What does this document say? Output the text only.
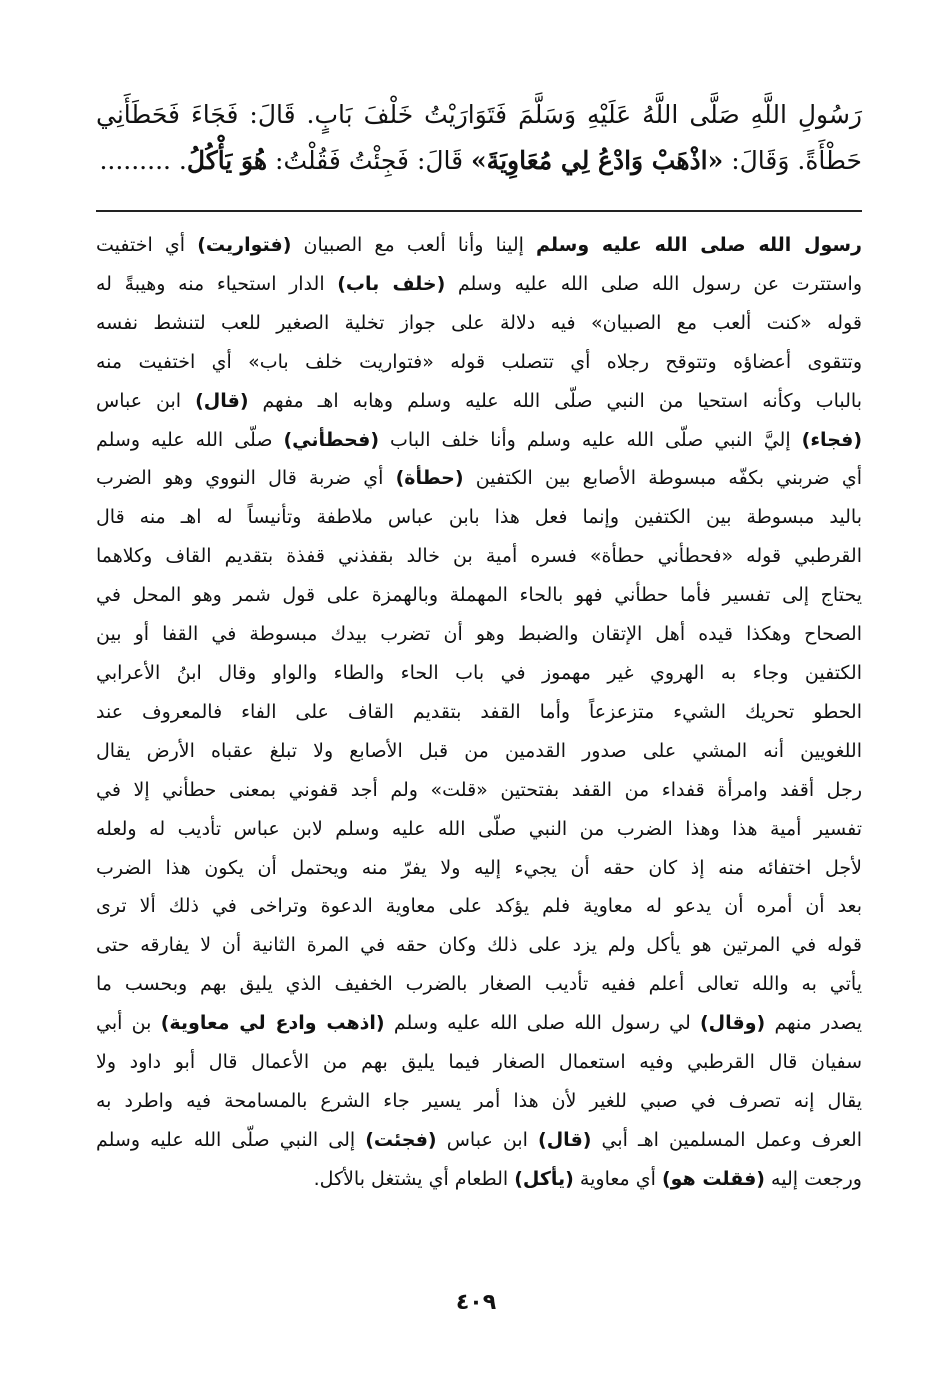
رَسُولِ اللَّهِ صَلَّى اللَّهُ عَلَيْهِ وَسَلَّمَ فَتَوَارَيْتُ خَلْفَ بَابٍ. قَالَ: فَجَاءَ فَحَطَأَنِي
حَطْأَةً. وَقَالَ: «اذْهَبْ وَادْعُ لِي مُعَاوِيَةَ» قَالَ: فَجِئْتُ فَقُلْتُ: هُوَ يَأْكُلُ. .........
رسول الله صلى الله عليه وسلم إلينا وأنا ألعب مع الصبيان (فتواريت) أي اختفيت
واستترت عن رسول الله صلى الله عليه وسلم (خلف باب) الدار استحياء منه وهيبةً له
قوله «كنت ألعب مع الصبيان» فيه دلالة على جواز تخلية الصغير للعب لتنشط نفسه
وتتقوى أعضاؤه وتتوقح رجلاه أي تتصلب قوله «فتواريت خلف باب» أي اختفيت منه
بالباب وكأنه استحيا من النبي صلّى الله عليه وسلم وهابه اهـ مفهم (قال) ابن عباس
(فجاء) إليَّ النبي صلّى الله عليه وسلم وأنا خلف الباب (فحطأني) صلّى الله عليه وسلم
أي ضربني بكفّه مبسوطة الأصابع بين الكتفين (حطأة) أي ضربة قال النووي وهو الضرب
باليد مبسوطة بين الكتفين وإنما فعل هذا بابن عباس ملاطفة وتأنيساً له اهـ منه قال
القرطبي قوله «فحطأني حطأة» فسره أمية بن خالد بقفذني قفذة بتقديم القاف وكلاهما
يحتاج إلى تفسير فأما حطأني فهو بالحاء المهملة وبالهمزة على قول شمر وهو المحل في
الصحاح وهكذا قيده أهل الإتقان والضبط وهو أن تضرب بيدك مبسوطة في القفا أو بين
الكتفين وجاء به الهروي غير مهموز في باب الحاء والطاء والواو وقال ابنُ الأعرابي
الحطو تحريك الشيء متزعزعاً وأما القفد بتقديم القاف على الفاء فالمعروف عند
اللغويين أنه المشي على صدور القدمين من قبل الأصابع ولا تبلغ عقباه الأرض يقال
رجل أقفد وامرأة قفداء من القفد بفتحتين «قلت» ولم أجد قفوني بمعنى حطأني إلا في
تفسير أمية هذا وهذا الضرب من النبي صلّى الله عليه وسلم لابن عباس تأديب له ولعله
لأجل اختفائه منه إذ كان حقه أن يجيء إليه ولا يفرّ منه ويحتمل أن يكون هذا الضرب
بعد أن أمره أن يدعو له معاوية فلم يؤكد على معاوية الدعوة وتراخى في ذلك ألا ترى
قوله في المرتين هو يأكل ولم يزد على ذلك وكان حقه في المرة الثانية أن لا يفارقه حتى
يأتي به والله تعالى أعلم ففيه تأديب الصغار بالضرب الخفيف الذي يليق بهم وبحسب ما
يصدر منهم (وقال) لي رسول الله صلى الله عليه وسلم (اذهب وادع لي معاوية) بن أبي
سفيان قال القرطبي وفيه استعمال الصغار فيما يليق بهم من الأعمال قال أبو داود ولا
يقال إنه تصرف في صبي للغير لأن هذا أمر يسير جاء الشرع بالمسامحة فيه واطرد به
العرف وعمل المسلمين اهـ أبي (قال) ابن عباس (فجئت) إلى النبي صلّى الله عليه وسلم
ورجعت إليه (فقلت هو) أي معاوية (يأكل) الطعام أي يشتغل بالأكل.
٤٠٩
